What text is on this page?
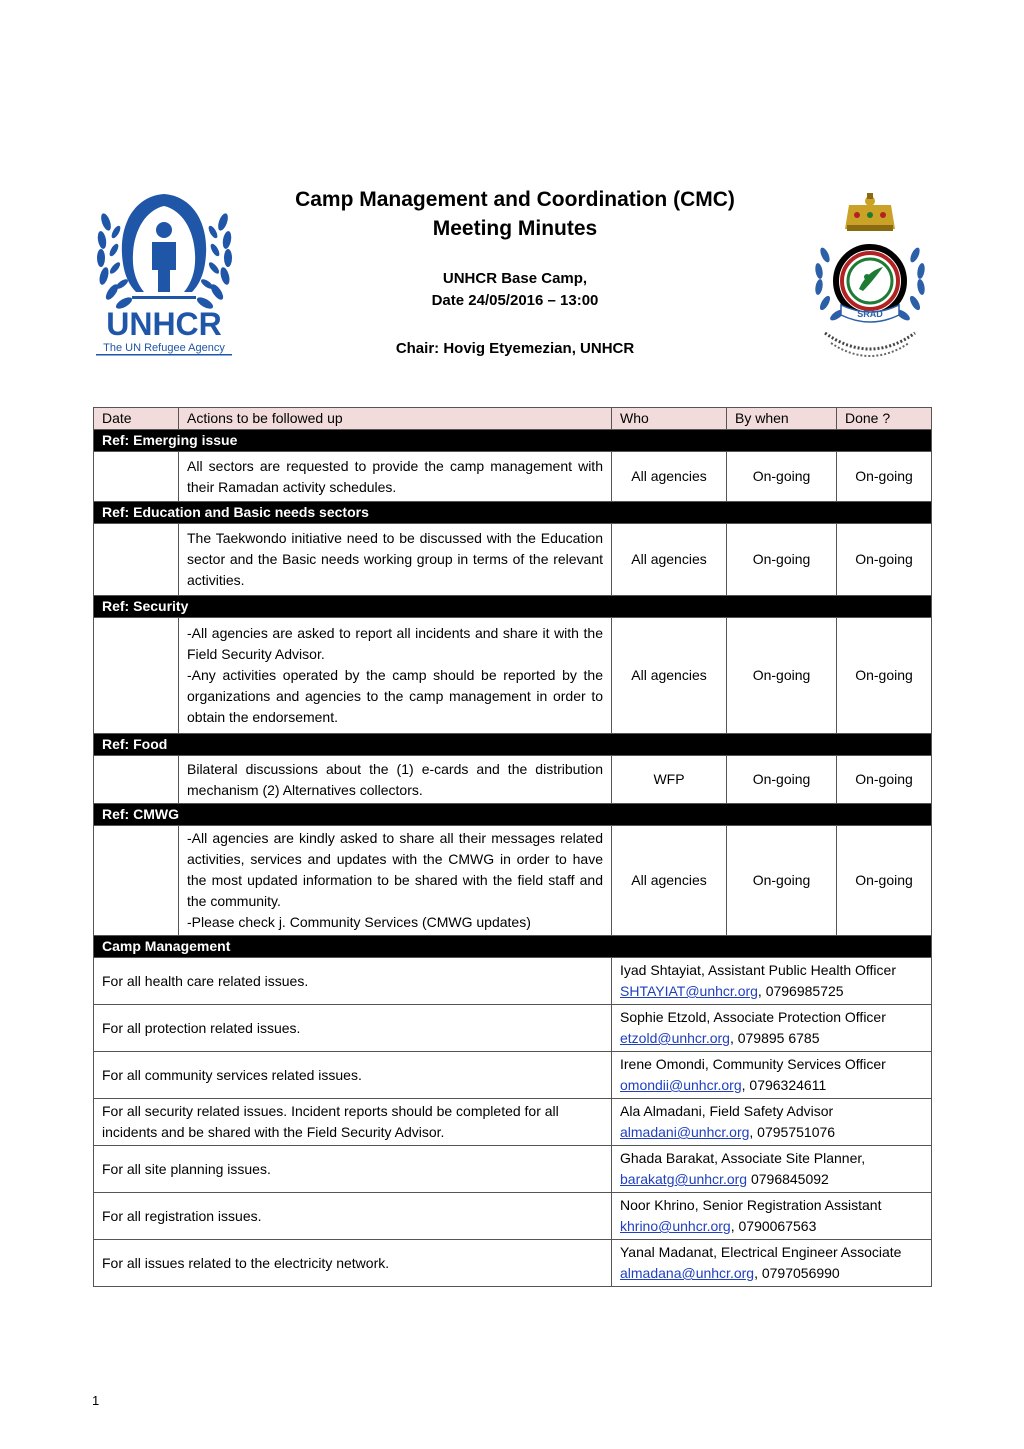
UNHCR
The UN Refugee Agency
Camp Management and Coordination (CMC)
Meeting Minutes
UNHCR Base Camp,
Date 24/05/2016 – 13:00
Chair: Hovig Etyemezian, UNHCR
SRAD
Date	Actions to be followed up	Who	By when	Done ?
Ref: Emerging issue				

	All sectors are requested to provide the camp management with their Ramadan activity schedules.	All agencies	On-going	On-going
Ref: Education and Basic needs sectors				

	The Taekwondo initiative need to be discussed with the Education sector and the Basic needs working group in terms of the relevant activities.	All agencies	On-going	On-going
Ref: Security				

	-All agencies are asked to report all incidents and share it with the Field Security Advisor.
-Any activities operated by the camp should be reported by the organizations and agencies to the camp management in order to obtain the endorsement.	All agencies	On-going	On-going
Ref: Food				

	Bilateral discussions about the (1) e-cards and the distribution mechanism (2) Alternatives collectors.	WFP	On-going	On-going
Ref: CMWG				

	-All agencies are kindly asked to share all their messages related activities, services and updates with the CMWG in order to have the most updated information to be shared with the field staff and the community.
-Please check j. Community Services (CMWG updates)	All agencies	On-going	On-going
Camp Management				
For all health care related issues.		Iyad Shtayiat, Assistant Public Health Officer SHTAYIAT@unhcr.org, 0796985725		
For all protection related issues.		Sophie Etzold, Associate Protection Officer etzold@unhcr.org, 079895 6785		
For all community services related issues.		Irene Omondi, Community Services Officer omondii@unhcr.org, 0796324611		
For all security related issues. Incident reports should be completed for all incidents and be shared with the Field Security Advisor.		Ala Almadani, Field Safety Advisor almadani@unhcr.org, 0795751076		
For all site planning issues.		Ghada Barakat, Associate Site Planner, barakatg@unhcr.org 0796845092		
For all registration issues.		Noor Khrino, Senior Registration Assistant khrino@unhcr.org, 0790067563		
For all issues related to the electricity network.		Yanal Madanat, Electrical Engineer Associate almadana@unhcr.org, 0797056990		
1
